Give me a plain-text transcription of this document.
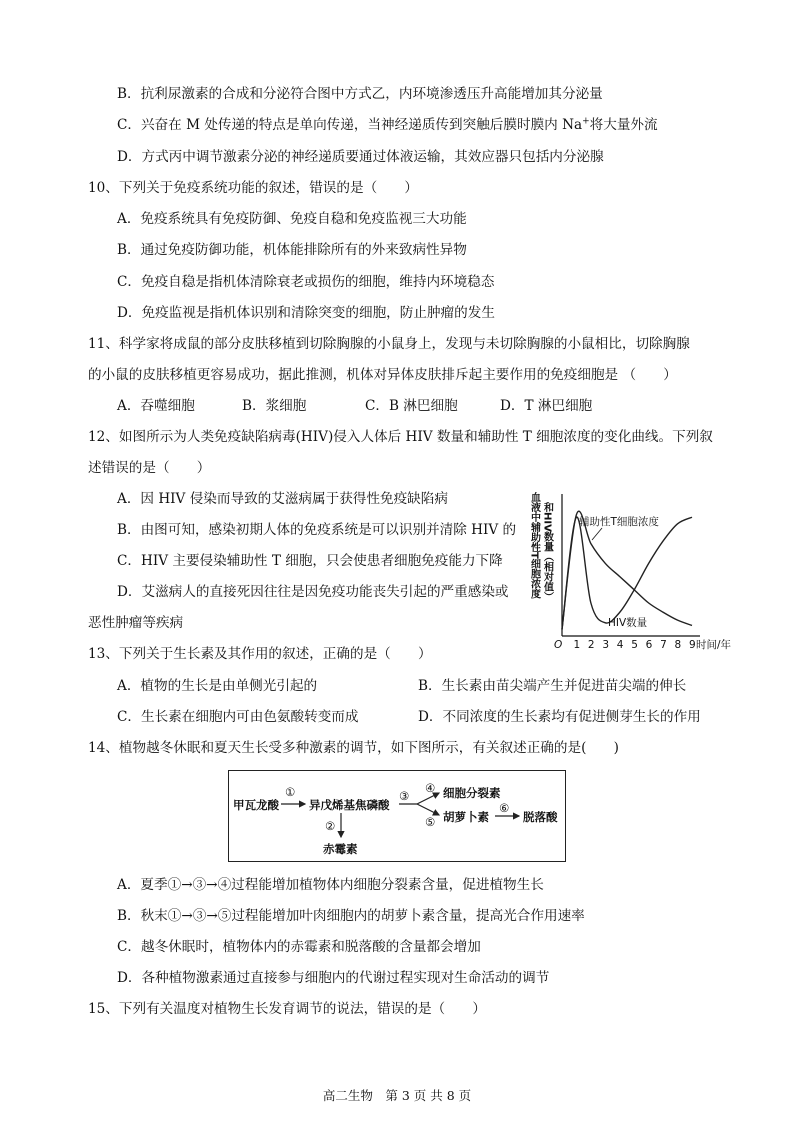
B．抗利尿激素的合成和分泌符合图中方式乙，内环境渗透压升高能增加其分泌量
C．兴奋在 M 处传递的特点是单向传递，当神经递质传到突触后膜时膜内 Na+将大量外流
D．方式丙中调节激素分泌的神经递质要通过体液运输，其效应器只包括内分泌腺
10、下列关于免疫系统功能的叙述，错误的是（　　）
A．免疫系统具有免疫防御、免疫自稳和免疫监视三大功能
B．通过免疫防御功能，机体能排除所有的外来致病性异物
C．免疫自稳是指机体清除衰老或损伤的细胞，维持内环境稳态
D．免疫监视是指机体识别和清除突变的细胞，防止肿瘤的发生
11、科学家将成鼠的部分皮肤移植到切除胸腺的小鼠身上，发现与未切除胸腺的小鼠相比，切除胸腺
的小鼠的皮肤移植更容易成功，据此推测，机体对异体皮肤排斥起主要作用的免疫细胞是 （　　）
A．吞噬细胞	B．浆细胞	C．B 淋巴细胞	D．T 淋巴细胞
12、如图所示为人类免疫缺陷病毒(HIV)侵入人体后 HIV 数量和辅助性 T 细胞浓度的变化曲线。下列叙
述错误的是（　　）
A．因 HIV 侵染而导致的艾滋病属于获得性免疫缺陷病
B．由图可知，感染初期人体的免疫系统是可以识别并清除 HIV 的
C．HIV 主要侵染辅助性 T 细胞，只会使患者细胞免疫能力下降
D．艾滋病人的直接死因往往是因免疫功能丧失引起的严重感染或
恶性肿瘤等疾病
血液中辅助性T细胞浓度 和HIV数量（相对值）
O 1 2 3 4 5 6 7 8 9 时间/年
辅助性T细胞浓度
HIV数量
13、下列关于生长素及其作用的叙述，正确的是（　　）
A．植物的生长是由单侧光引起的	B．生长素由苗尖端产生并促进苗尖端的伸长
C．生长素在细胞内可由色氨酸转变而成	D．不同浓度的生长素均有促进侧芽生长的作用
14、植物越冬休眠和夏天生长受多种激素的调节，如下图所示，有关叙述正确的是(　　)
甲瓦龙酸
①
异戊烯基焦磷酸
②
赤霉素
③
④ 细胞分裂素
⑤ 胡萝卜素
⑥
脱落酸
A．夏季①→③→④过程能增加植物体内细胞分裂素含量，促进植物生长
B．秋末①→③→⑤过程能增加叶肉细胞内的胡萝卜素含量，提高光合作用速率
C．越冬休眠时，植物体内的赤霉素和脱落酸的含量都会增加
D．各种植物激素通过直接参与细胞内的代谢过程实现对生命活动的调节
15、下列有关温度对植物生长发育调节的说法，错误的是（　　）
高二生物　第 3 页 共 8 页
